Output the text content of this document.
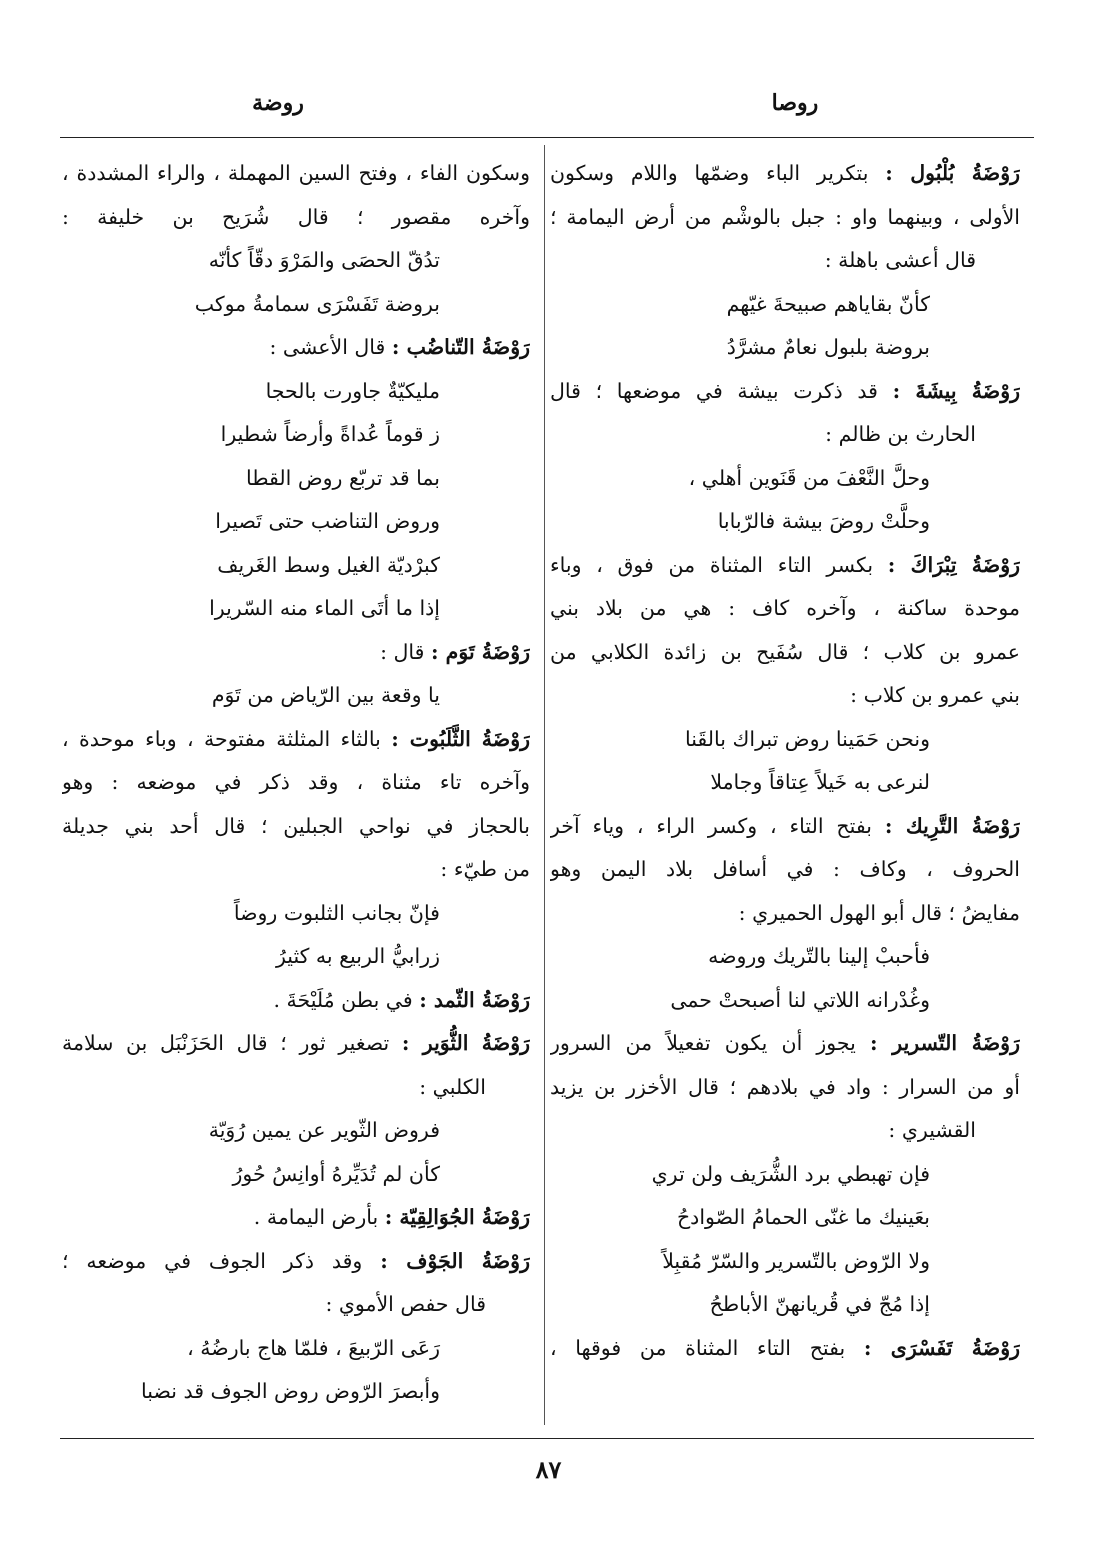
روصا
روضة
رَوْضَةُ بُلْبُول : بتكرير الباء وضمّها واللام وسكون
الأولى ، وبينهما واو : جبل بالوشْم من أرض اليمامة ؛
قال أعشى باهلة :
كأنّ بقاياهم صبيحةَ غيّهم
بروضة بلبول نعامٌ مشرَّدُ
رَوْضَةُ بِيشَةَ : قد ذكرت بيشة في موضعها ؛ قال
الحارث بن ظالم :
وحلَّ النَّعْفَ من قَنَوين أهلي ،
وحلَّتْ روضَ بيشة فالرّبابا
رَوْضَةُ تِبْرَاكَ : بكسر التاء المثناة من فوق ، وباء
موحدة ساكنة ، وآخره كاف : هي من بلاد بني
عمرو بن كلاب ؛ قال سُفَيح بن زائدة الكلابي من
بني عمرو بن كلاب :
ونحن حَمَينا روض تبراك بالقَنا
لنرعى به خَيلاً عِتاقاً وجاملا
رَوْضَةُ التَّرِيك : بفتح التاء ، وكسر الراء ، وياء آخر
الحروف ، وكاف : في أسافل بلاد اليمن وهو
مفايضُ ؛ قال أبو الهول الحميري :
فأحببْ إلينا بالتّريك وروضه
وغُدْرانه اللاتي لنا أصبحتْ حمى
رَوْضَةُ التّسرير : يجوز أن يكون تفعيلاً من السرور
أو من السرار : واد في بلادهم ؛ قال الأخزر بن يزيد
القشيري :
فإن تهبطي برد الشُّرَيف ولن تري
بعَينيك ما غنّى الحمامُ الصّوادحُ
ولا الرّوض بالتّسرير والسّرّ مُقبِلاً
إذا مُجّ في قُريانهنّ الأباطحُ
رَوْضَةُ تَفَسْرَى : بفتح التاء المثناة من فوقها ،
وسكون الفاء ، وفتح السين المهملة ، والراء المشددة ،
وآخره مقصور ؛ قال شُرَيح بن خليفة :
تدُقّ الحصَى والمَرْوَ دقّاً كأنّه
بروضة تَفَسْرَى سمامةُ موكب
رَوْضَةُ التّناضُب : قال الأعشى :
مليكيّةٌ جاورت بالحجا
ز قوماً عُداةً وأرضاً شطيرا
بما قد تربّع روض القطا
وروض التناضب حتى تَصيرا
كبرْديّة الغيل وسط الغَريف
إذا ما أتَى الماء منه السّريرا
رَوْضَةُ تَوَم : قال :
يا وقعة بين الرّياض من تَوَم
رَوْضَةُ الثَّلَبُوت : بالثاء المثلثة مفتوحة ، وباء موحدة ،
وآخره تاء مثناة ، وقد ذكر في موضعه : وهو
بالحجاز في نواحي الجبلين ؛ قال أحد بني جديلة
من طيّء :
فإنّ بجانب الثلبوت روضاً
زرابيُّ الربيع به كثيرُ
رَوْضَةُ الثّمد : في بطن مُلَيْحَةَ .
رَوْضَةُ الثُّوَير : تصغير ثور ؛ قال الحَزَنْبَل بن سلامة
الكلبي :
فروض الثّوير عن يمين رُوَيّة
كأن لم تُدَيِّرهُ أوانِسُ حُورُ
رَوْضَةُ الجُوَالِقِيّة : بأرض اليمامة .
رَوْضَةُ الجَوْف : وقد ذكر الجوف في موضعه ؛
قال حفص الأموي :
رَعَى الرّبيعَ ، فلمّا هاج بارضُهُ ،
وأبصرَ الرّوض روض الجوف قد نضبا
٨٧
